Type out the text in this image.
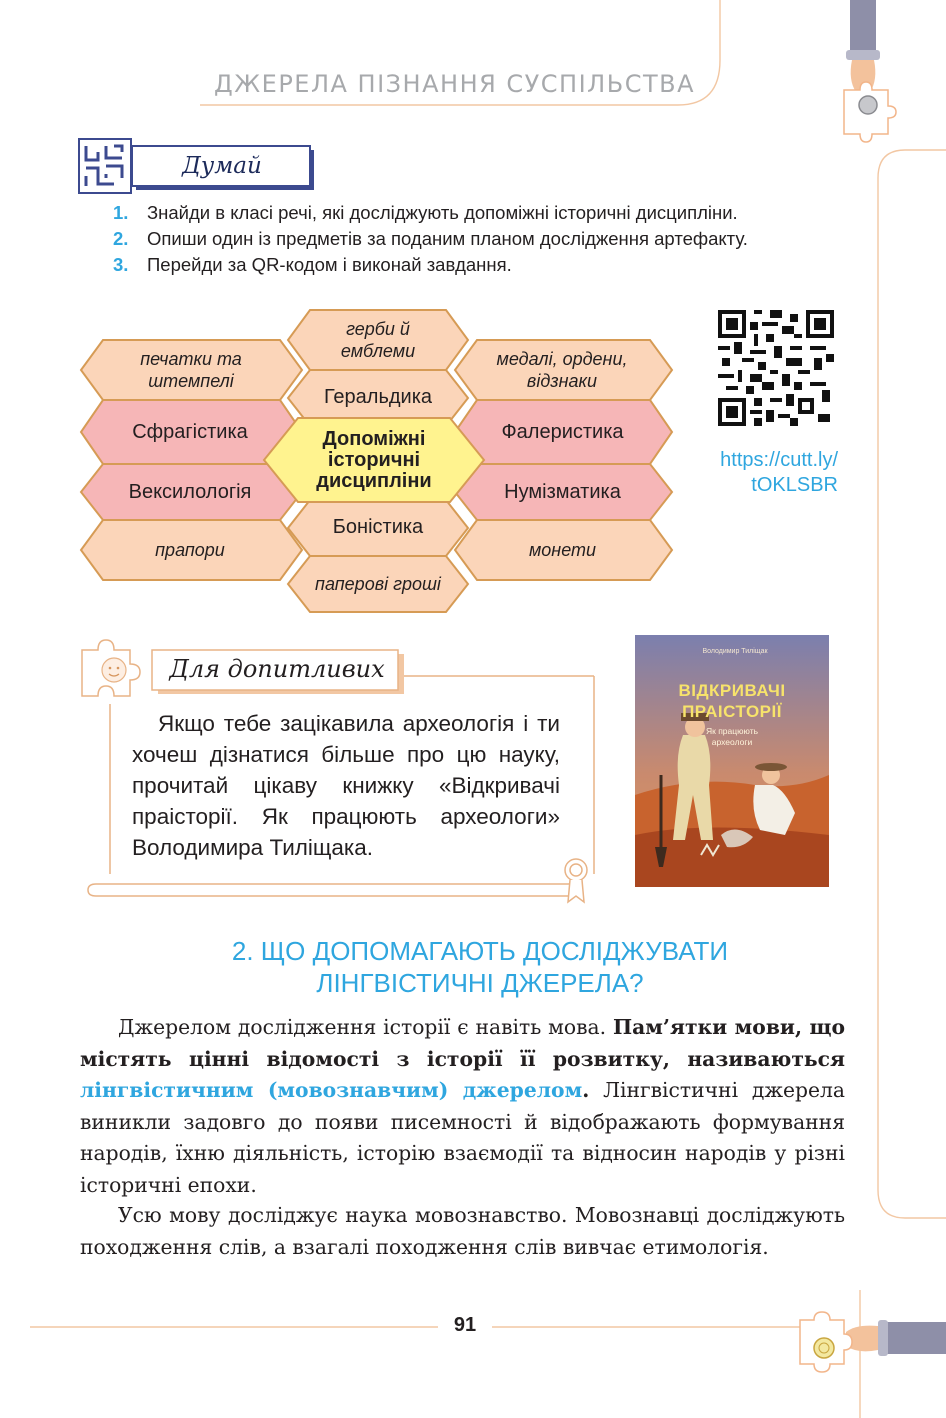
Думай
1. Знайди в класі речі, які досліджують допоміжні історичні дисципліни.
2. Опиши один із предметів за поданим планом дослідження артефакту.
3. Перейди за QR-кодом і виконай завдання.
герби й емблеми
печатки та штемпелі
медалі, ордени, відзнаки
Геральдика
Сфрагістика	Фалеристика
Вексилологія	Нумізматика
Допоміжні історичні дисципліни
Боністика
прапори	монети
паперові гроші
https://cutt.ly/ tOKLSBR
Для допитливих
Якщо тебе зацікавила археологія і ти хочеш дізнатися більше про цю науку, прочитай цікаву книжку «Відкривачі праісторії. Як працюють археологи» Володимира Тиліщака.
Володимир Тиліщак
ВІДКРИВАЧІ ПРАІСТОРІЇ
Як працюють археологи
2. ЩО ДОПОМАГАЮТЬ ДОСЛІДЖУВАТИ
ЛІНГВІСТИЧНІ ДЖЕРЕЛА?
Джерелом дослідження історії є навіть мова. Пам’ятки мови, що містять цінні відомості з історії її розвитку, називаються лінгвістичним (мовознавчим) джерелом. Лінгвістичні джерела виникли задовго до появи писемності й відображають формування народів, їхню діяльність, історію взаємодії та відносин народів у різні історичні епохи.
Усю мову досліджує наука мовознавство. Мовознавці досліджують походження слів, а взагалі походження слів вивчає етимологія.
91
ДЖЕРЕЛА ПІЗНАННЯ СУСПІЛЬСТВА
